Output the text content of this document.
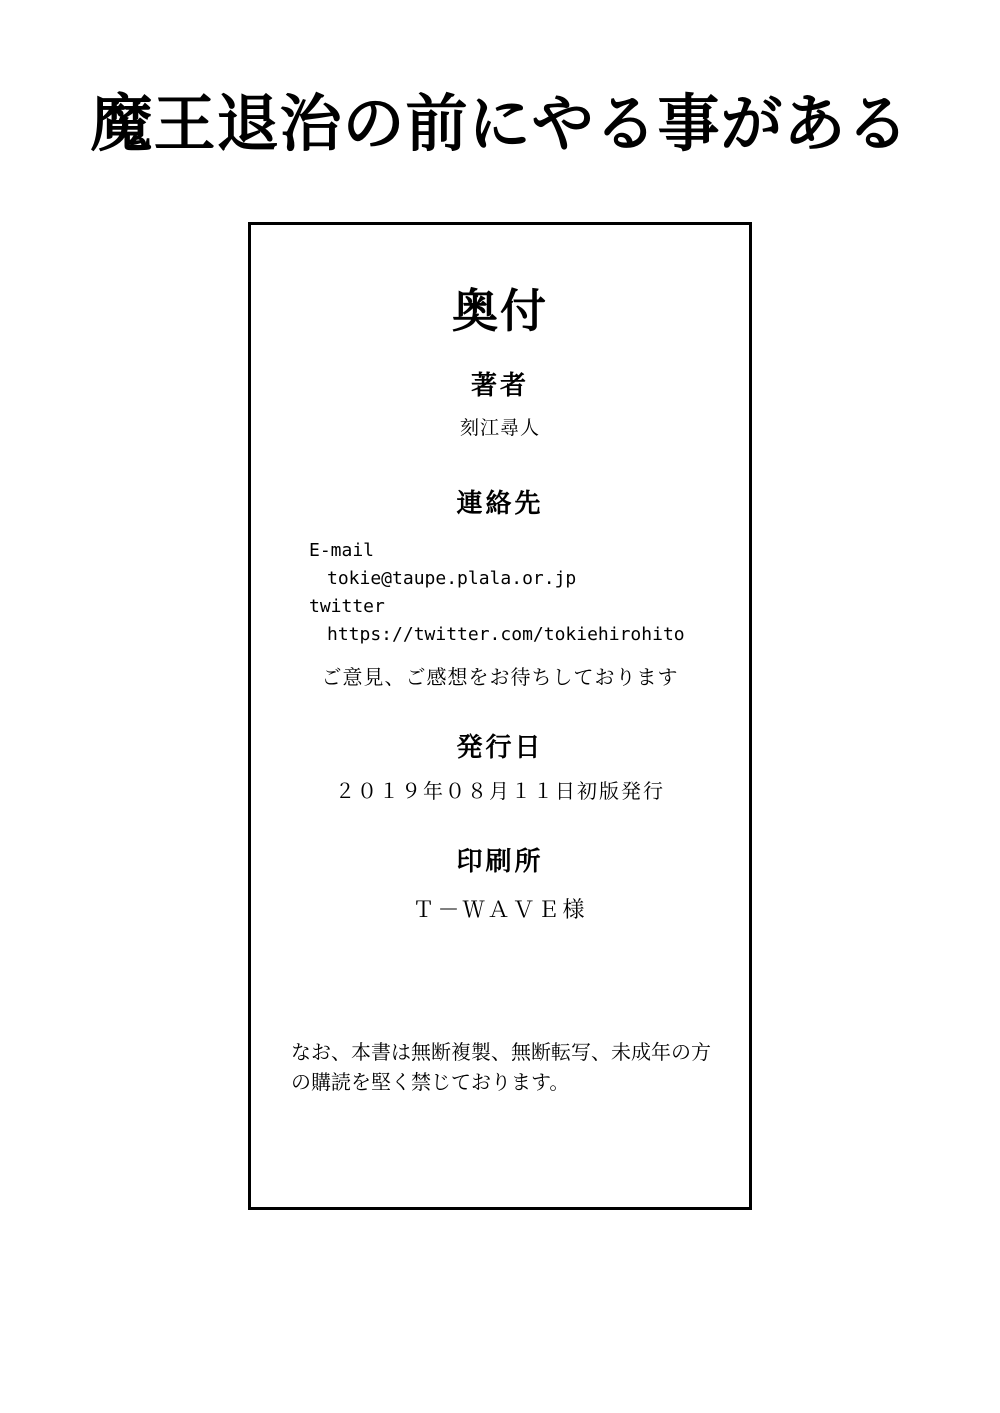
魔王退治の前にやる事がある
奥付
著者
刻江尋人
連絡先
E-mail
tokie@taupe.plala.or.jp
twitter
https://twitter.com/tokiehirohito
ご意見、ご感想をお待ちしております
発行日
２０１９年０８月１１日初版発行
印刷所
Ｔ－ＷＡＶＥ様
なお、本書は無断複製、無断転写、未成年の方の購読を堅く禁じております。
